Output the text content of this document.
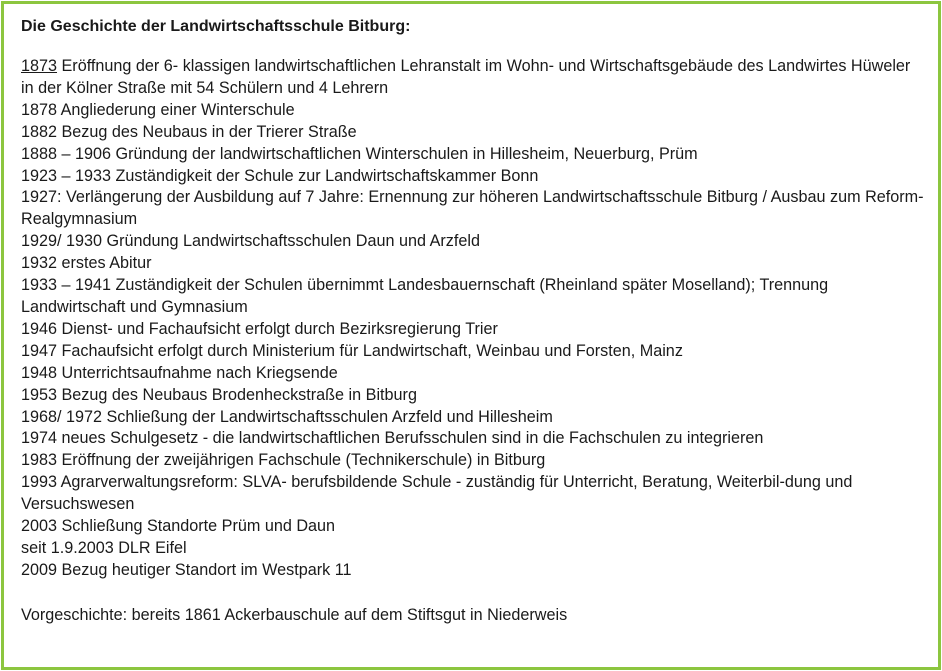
Die Geschichte der Landwirtschaftsschule Bitburg:
1873 Eröffnung der 6- klassigen landwirtschaftlichen Lehranstalt im Wohn- und Wirtschaftsgebäude des Landwirtes Hüweler in der Kölner Straße mit 54 Schülern und 4 Lehrern
1878 Angliederung einer Winterschule
1882 Bezug des Neubaus in der Trierer Straße
1888 – 1906 Gründung der landwirtschaftlichen Winterschulen in Hillesheim, Neuerburg, Prüm
1923 – 1933 Zuständigkeit der Schule zur Landwirtschaftskammer Bonn
1927: Verlängerung der Ausbildung auf 7 Jahre: Ernennung zur höheren Landwirtschaftsschule Bitburg / Ausbau zum Reform-Realgymnasium
1929/ 1930 Gründung Landwirtschaftsschulen Daun und Arzfeld
1932 erstes Abitur
1933 – 1941 Zuständigkeit der Schulen übernimmt Landesbauernschaft (Rheinland später Moselland); Trennung Landwirtschaft und Gymnasium
1946 Dienst- und Fachaufsicht erfolgt durch Bezirksregierung Trier
1947 Fachaufsicht erfolgt durch Ministerium für Landwirtschaft, Weinbau und Forsten, Mainz
1948 Unterrichtsaufnahme nach Kriegsende
1953 Bezug des Neubaus Brodenheckstraße in Bitburg
1968/ 1972 Schließung der Landwirtschaftsschulen Arzfeld und Hillesheim
1974 neues Schulgesetz - die landwirtschaftlichen Berufsschulen sind in die Fachschulen zu integrieren
1983 Eröffnung der zweijährigen Fachschule (Technikerschule) in Bitburg
1993 Agrarverwaltungsreform: SLVA- berufsbildende Schule - zuständig für Unterricht, Beratung, Weiterbil-dung und Versuchswesen
2003 Schließung Standorte Prüm und Daun
seit 1.9.2003 DLR Eifel
2009 Bezug heutiger Standort im Westpark 11
Vorgeschichte: bereits 1861 Ackerbauschule auf dem Stiftsgut in Niederweis
